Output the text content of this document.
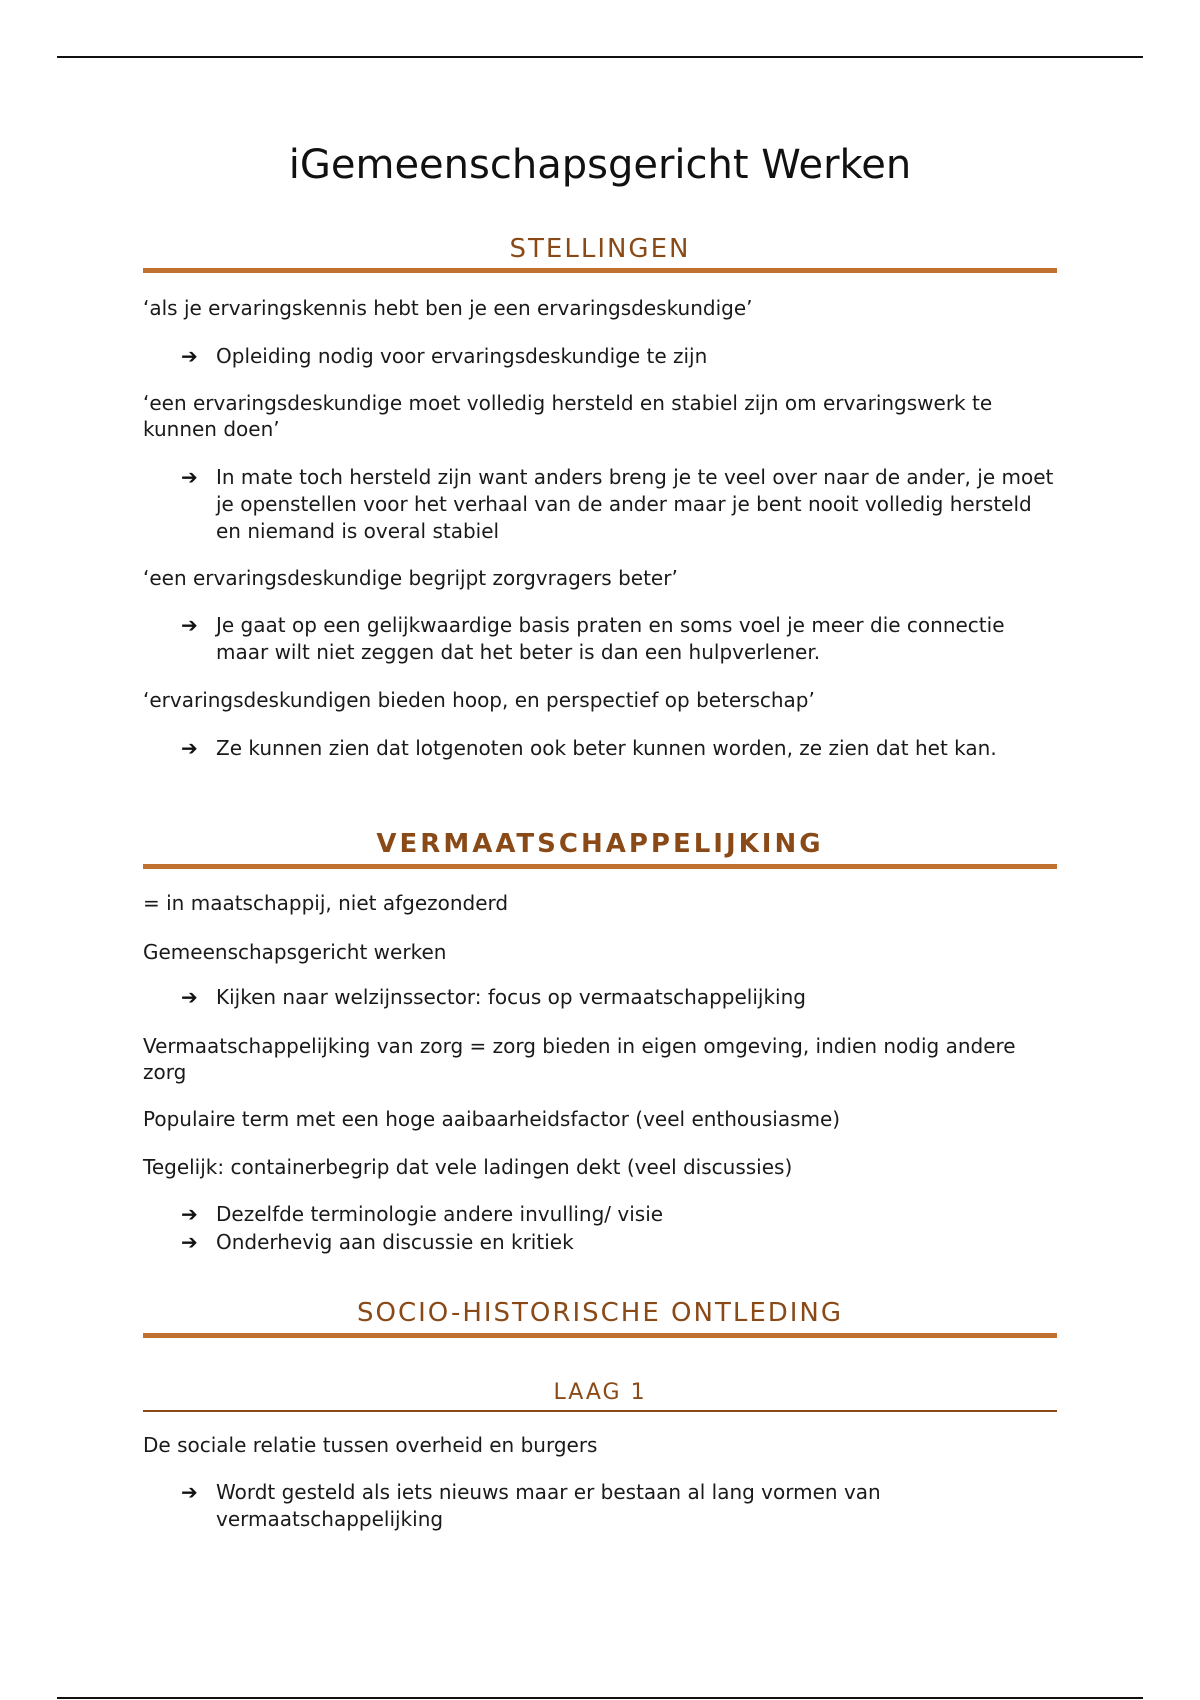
iGemeenschapsgericht Werken
STELLINGEN

‘als je ervaringskennis hebt ben je een ervaringsdeskundige’

➔ Opleiding nodig voor ervaringsdeskundige te zijn

‘een ervaringsdeskundige moet volledig hersteld en stabiel zijn om ervaringswerk te kunnen doen’

➔ In mate toch hersteld zijn want anders breng je te veel over naar de ander, je moet je openstellen voor het verhaal van de ander maar je bent nooit volledig hersteld en niemand is overal stabiel

‘een ervaringsdeskundige begrijpt zorgvragers beter’

➔ Je gaat op een gelijkwaardige basis praten en soms voel je meer die connectie maar wilt niet zeggen dat het beter is dan een hulpverlener.

‘ervaringsdeskundigen bieden hoop, en perspectief op beterschap’

➔ Ze kunnen zien dat lotgenoten ook beter kunnen worden, ze zien dat het kan.

VERMAATSCHAPPELIJKING

= in maatschappij, niet afgezonderd

Gemeenschapsgericht werken

➔ Kijken naar welzijnssector: focus op vermaatschappelijking

Vermaatschappelijking van zorg = zorg bieden in eigen omgeving, indien nodig andere zorg

Populaire term met een hoge aaibaarheidsfactor (veel enthousiasme)

Tegelijk: containerbegrip dat vele ladingen dekt (veel discussies)

➔ Dezelfde terminologie andere invulling/ visie

➔ Onderhevig aan discussie en kritiek

SOCIO-HISTORISCHE ONTLEDING
LAAG 1

De sociale relatie tussen overheid en burgers

➔ Wordt gesteld als iets nieuws maar er bestaan al lang vormen van vermaatschappelijking
